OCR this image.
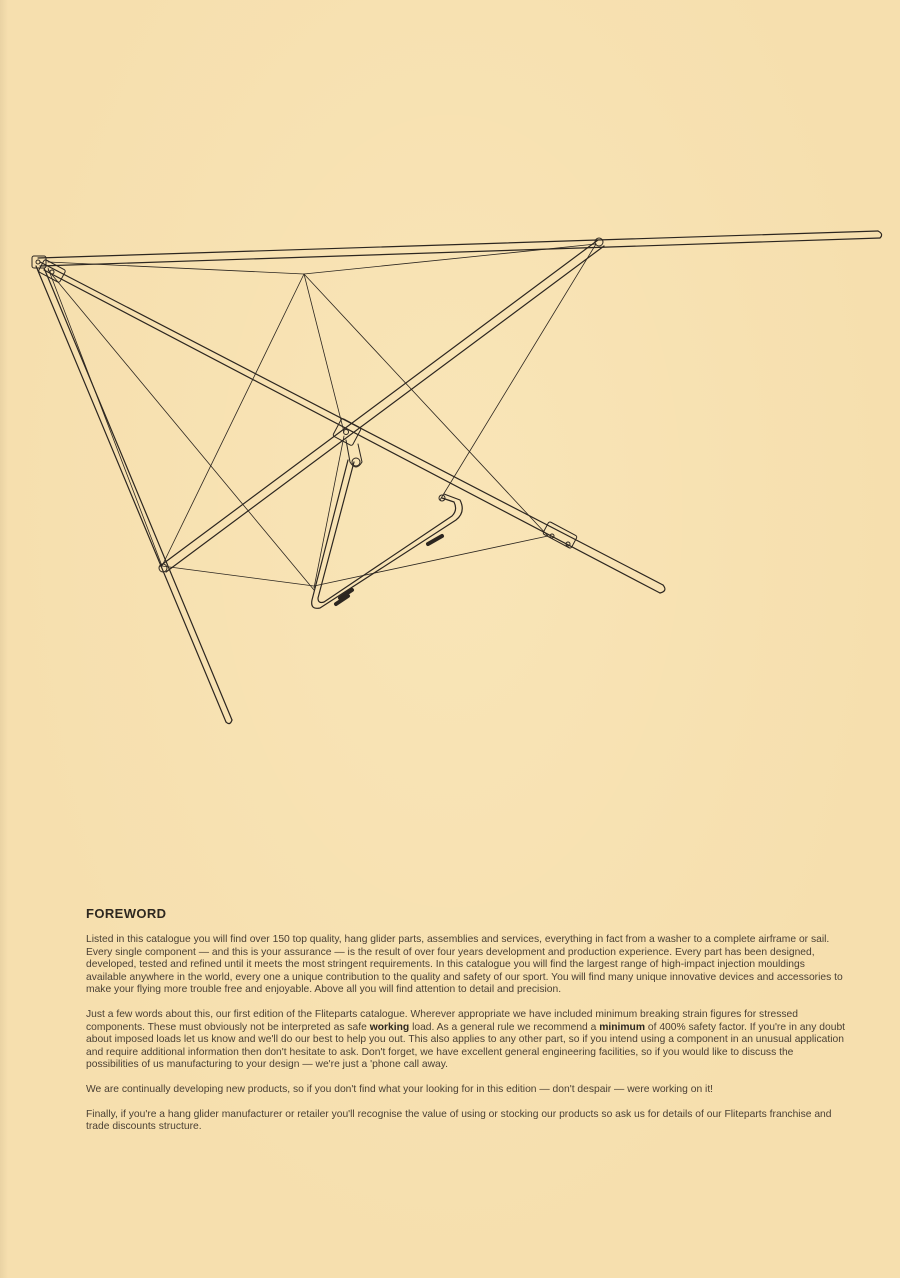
FOREWORD

Listed in this catalogue you will find over 150 top quality, hang glider parts, assemblies and services, everything in fact from a washer to a complete airframe or sail. Every single component — and this is your assurance — is the result of over four years development and production experience. Every part has been designed, developed, tested and refined until it meets the most stringent requirements. In this catalogue you will find the largest range of high-impact injection mouldings available anywhere in the world, every one a unique contribution to the quality and safety of our sport. You will find many unique innovative devices and accessories to make your flying more trouble free and enjoyable. Above all you will find attention to detail and precision.

Just a few words about this, our first edition of the Fliteparts catalogue. Wherever appropriate we have included minimum breaking strain figures for stressed components. These must obviously not be interpreted as safe working load. As a general rule we recommend a minimum of 400% safety factor. If you're in any doubt about imposed loads let us know and we'll do our best to help you out. This also applies to any other part, so if you intend using a component in an unusual application and require additional information then don't hesitate to ask. Don't forget, we have excellent general engineering facilities, so if you would like to discuss the possibilities of us manufacturing to your design — we're just a 'phone call away.

We are continually developing new products, so if you don't find what your looking for in this edition — don't despair — were working on it!

Finally, if you're a hang glider manufacturer or retailer you'll recognise the value of using or stocking our products so ask us for details of our Fliteparts franchise and trade discounts structure.
